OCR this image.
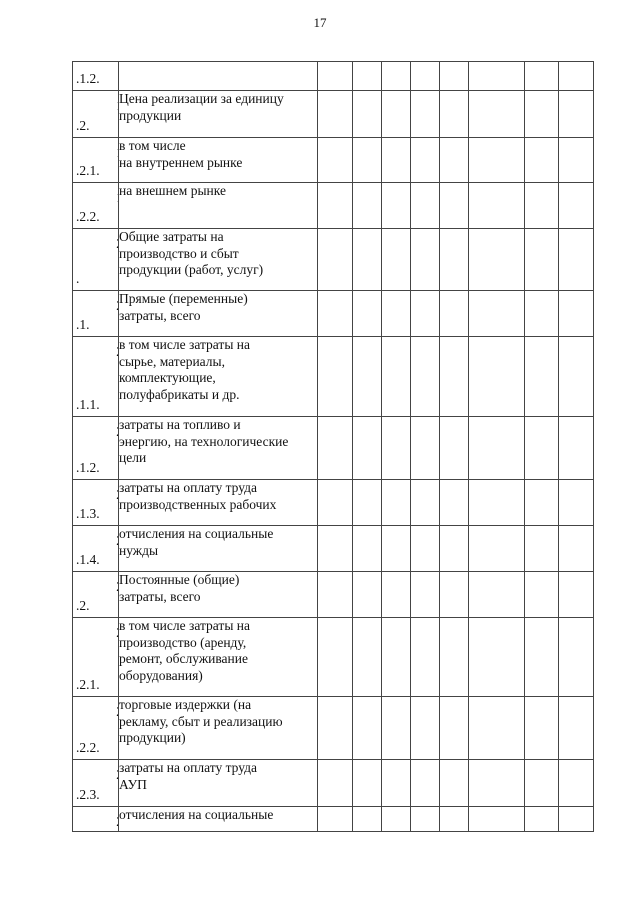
17
.1.2.									

.2.	Цена реализации за единицу
продукции								

.2.1.	в том числе
на внутреннем рынке								

.2.2.	на внешнем рынке								

.	Общие затраты на
производство и сбыт
продукции (работ, услуг)								

.1.	Прямые (переменные)
затраты, всего								

.1.1.	в том числе затраты на
сырье, материалы,
комплектующие,
полуфабрикаты и др.								

.1.2.	затраты на топливо и
энергию, на технологические
цели								

.1.3.	затраты на оплату труда
производственных рабочих								

.1.4.	отчисления на социальные
нужды								

.2.	Постоянные (общие)
затраты, всего								

.2.1.	в том числе затраты на
производство (аренду,
ремонт, обслуживание
оборудования)								

.2.2.	торговые издержки (на
рекламу, сбыт и реализацию
продукции)								

.2.3.	затраты на оплату труда
АУП								

отчисления на социальные								
